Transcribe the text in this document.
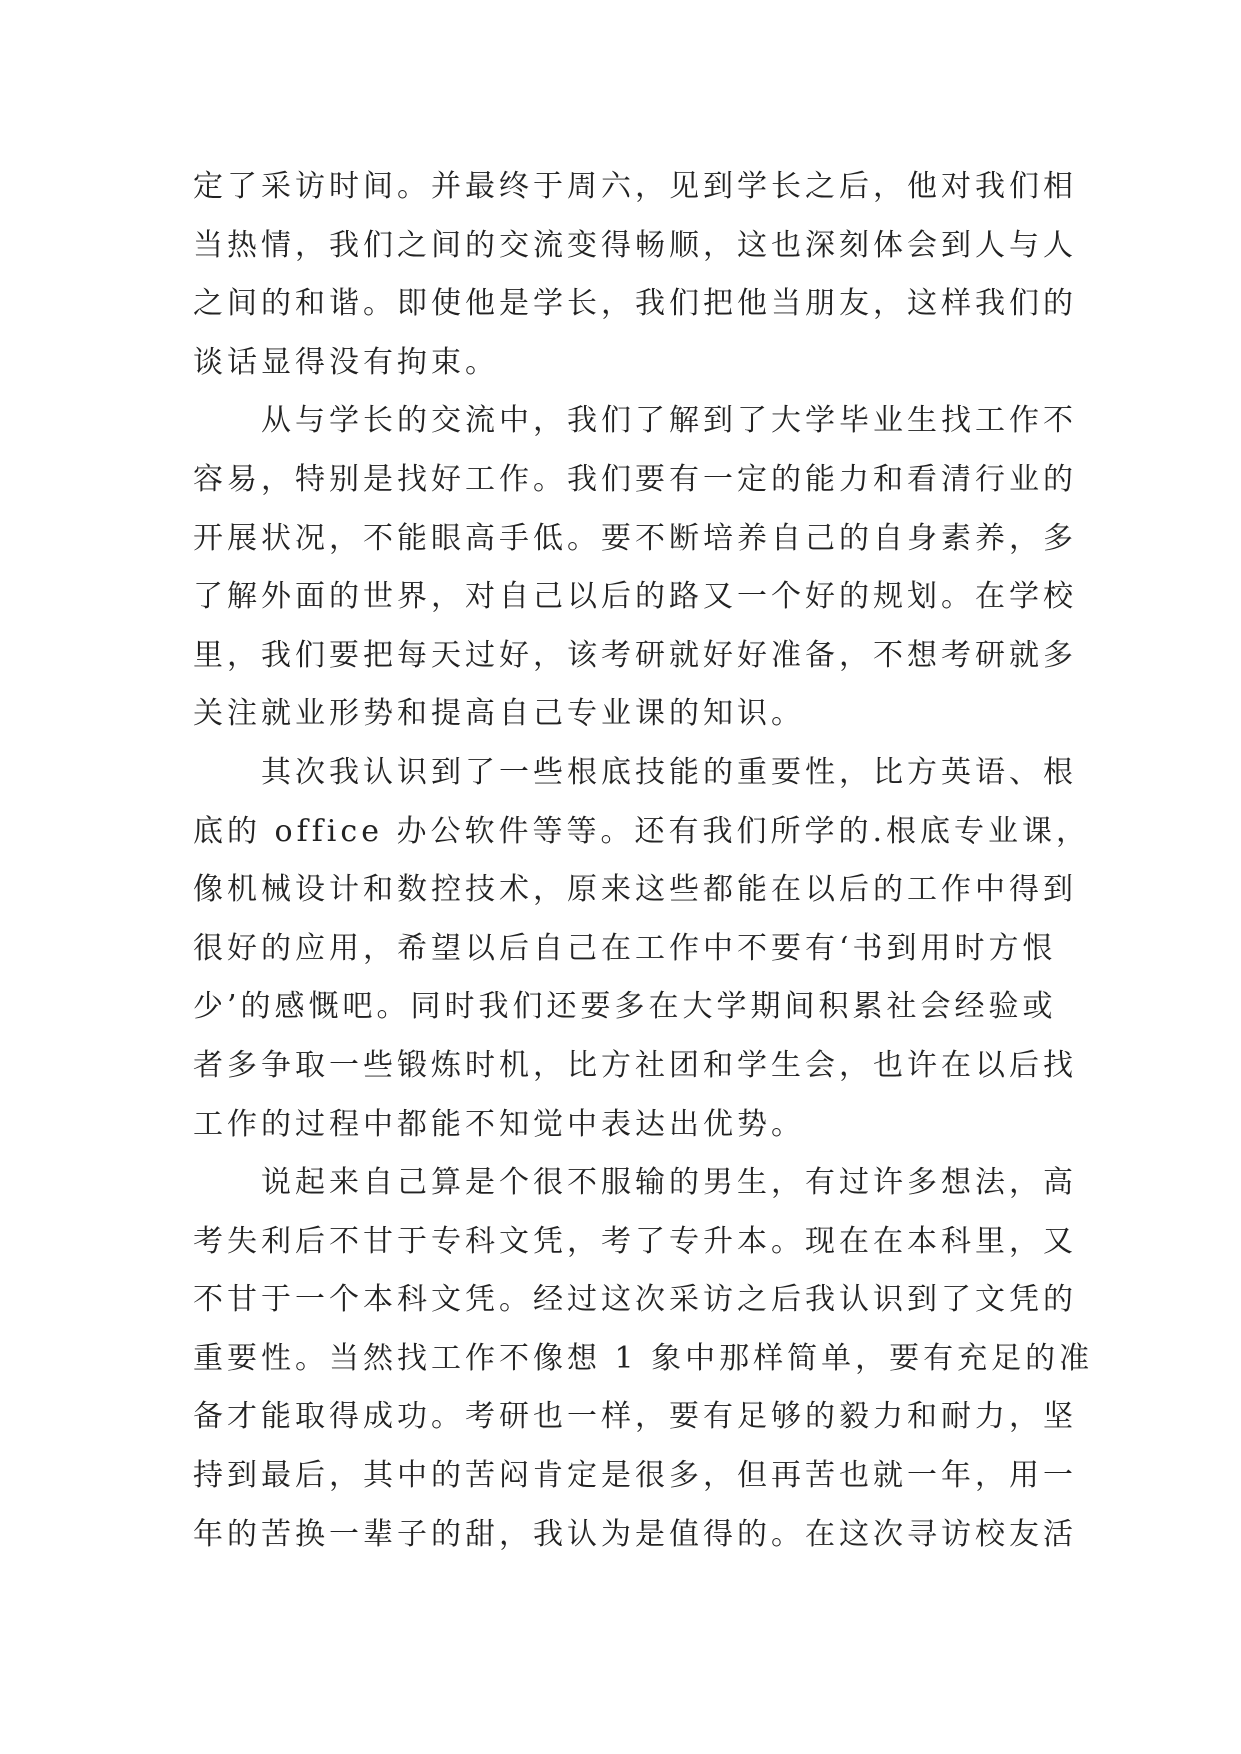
定了采访时间。并最终于周六，见到学长之后，他对我们相
当热情，我们之间的交流变得畅顺，这也深刻体会到人与人
之间的和谐。即使他是学长，我们把他当朋友，这样我们的
谈话显得没有拘束。
从与学长的交流中，我们了解到了大学毕业生找工作不
容易，特别是找好工作。我们要有一定的能力和看清行业的
开展状况，不能眼高手低。要不断培养自己的自身素养，多
了解外面的世界，对自己以后的路又一个好的规划。在学校
里，我们要把每天过好，该考研就好好准备，不想考研就多
关注就业形势和提高自己专业课的知识。
其次我认识到了一些根底技能的重要性，比方英语、根
底的 office 办公软件等等。还有我们所学的.根底专业课，
像机械设计和数控技术，原来这些都能在以后的工作中得到
很好的应用，希望以后自己在工作中不要有‘书到用时方恨
少’的感慨吧。同时我们还要多在大学期间积累社会经验或
者多争取一些锻炼时机，比方社团和学生会，也许在以后找
工作的过程中都能不知觉中表达出优势。
说起来自己算是个很不服输的男生，有过许多想法，高
考失利后不甘于专科文凭，考了专升本。现在在本科里，又
不甘于一个本科文凭。经过这次采访之后我认识到了文凭的
重要性。当然找工作不像想 1 象中那样简单，要有充足的准
备才能取得成功。考研也一样，要有足够的毅力和耐力，坚
持到最后，其中的苦闷肯定是很多，但再苦也就一年，用一
年的苦换一辈子的甜，我认为是值得的。在这次寻访校友活
